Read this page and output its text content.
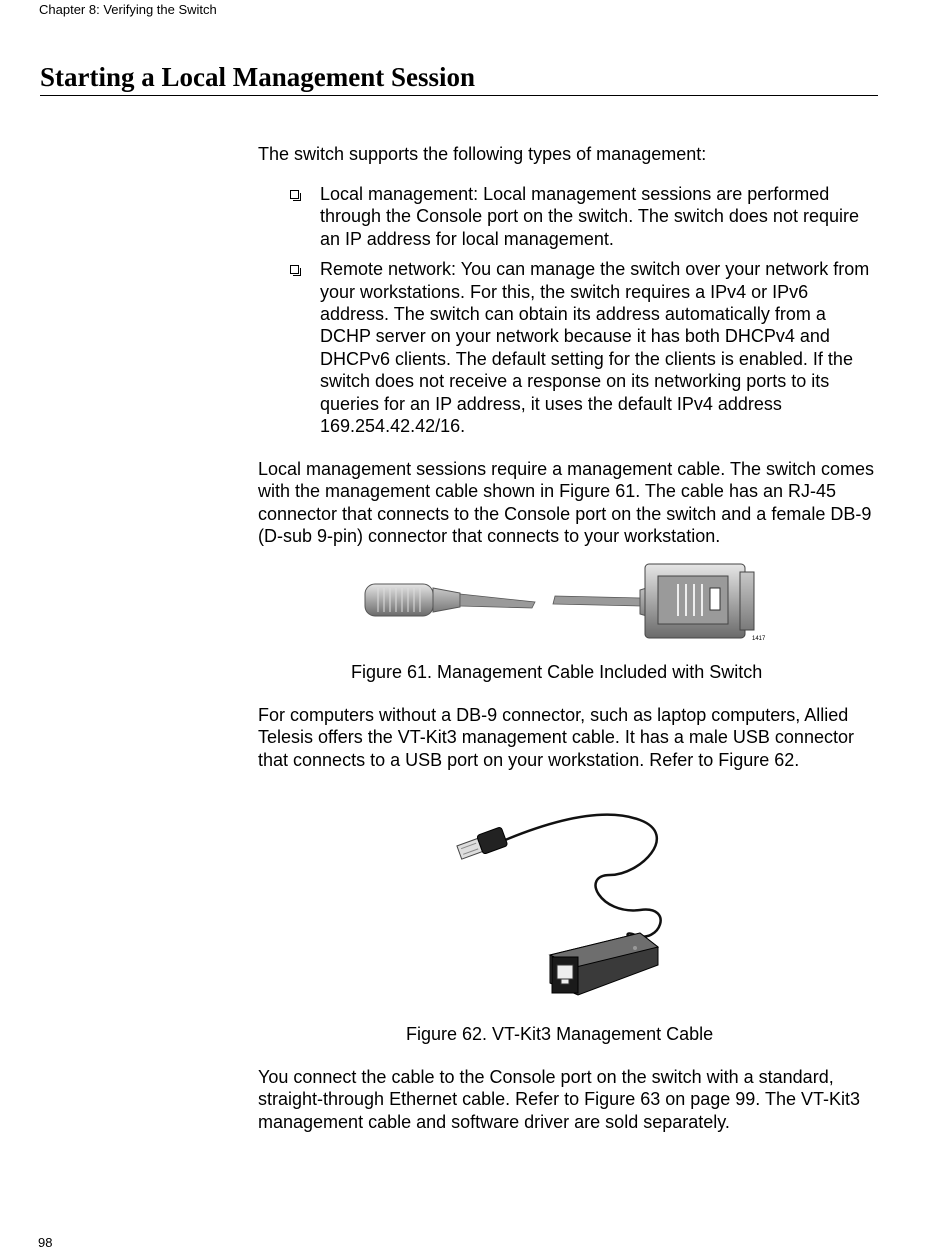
Chapter 8: Verifying the Switch
Starting a Local Management Session

The switch supports the following types of management:

Local management: Local management sessions are performed through the Console port on the switch. The switch does not require an IP address for local management.
Remote network: You can manage the switch over your network from your workstations. For this, the switch requires a IPv4 or IPv6 address. The switch can obtain its address automatically from a DCHP server on your network because it has both DHCPv4 and DHCPv6 clients. The default setting for the clients is enabled. If the switch does not receive a response on its networking ports to its queries for an IP address, it uses the default IPv4 address 169.254.42.42/16.

Local management sessions require a management cable. The switch comes with the management cable shown in Figure 61. The cable has an RJ-45 connector that connects to the Console port on the switch and a female DB-9 (D-sub 9-pin) connector that connects to your workstation.

1417

Figure 61. Management Cable Included with Switch

For computers without a DB-9 connector, such as laptop computers, Allied Telesis offers the VT-Kit3 management cable. It has a male USB connector that connects to a USB port on your workstation. Refer to Figure 62.

Figure 62. VT-Kit3 Management Cable

You connect the cable to the Console port on the switch with a standard, straight-through Ethernet cable. Refer to Figure 63 on page 99. The VT-Kit3 management cable and software driver are sold separately.

98
